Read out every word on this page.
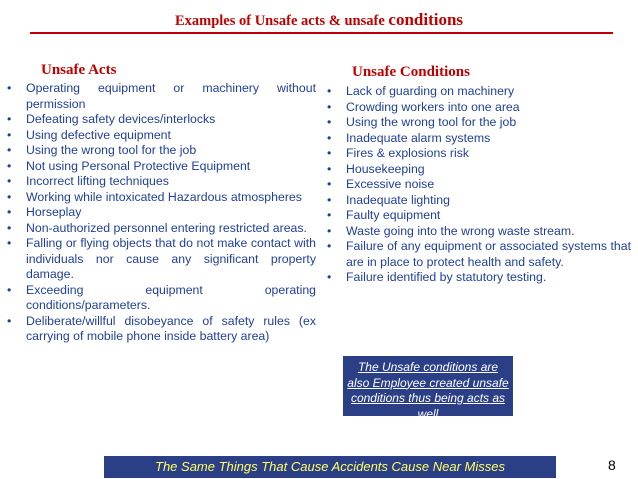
Examples of Unsafe acts & unsafe conditions
Unsafe Acts	Unsafe Conditions
• Operating equipment or machinery without permission
• Defeating safety devices/interlocks
• Using defective equipment
• Using the wrong tool for the job
• Not using Personal Protective Equipment
• Incorrect lifting techniques
• Working while intoxicated Hazardous atmospheres
• Horseplay
• Non-authorized personnel entering restricted areas.
• Falling or flying objects that do not make contact with individuals nor cause any significant property damage.
• Exceeding equipment operating conditions/parameters.
• Deliberate/willful disobeyance of safety rules (ex carrying of mobile phone inside battery area)
• Lack of guarding on machinery
• Crowding workers into one area
• Using the wrong tool for the job
• Inadequate alarm systems
• Fires & explosions risk
• Housekeeping
• Excessive noise
• Inadequate lighting
• Faulty equipment
• Waste going into the wrong waste stream.
• Failure of any equipment or associated systems that are in place to protect health and safety.
• Failure identified by statutory testing.
The Unsafe conditions are also Employee created unsafe conditions thus being acts as well
The Same Things That Cause Accidents Cause Near Misses	8
